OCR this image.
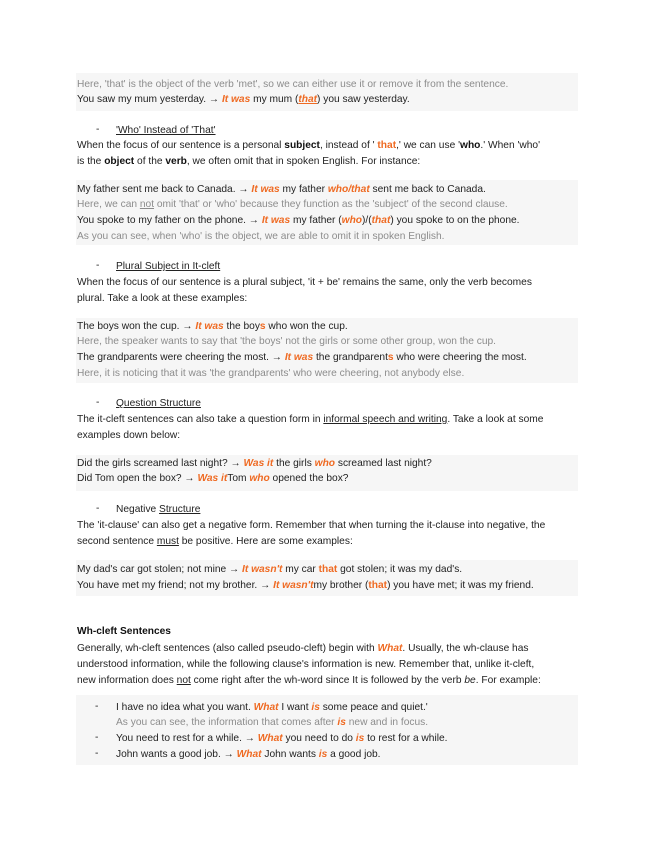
Here, 'that' is the object of the verb 'met', so we can either use it or remove it from the sentence.
You saw my mum yesterday. → It was my mum (that) you saw yesterday.
- 'Who' Instead of 'That'
When the focus of our sentence is a personal subject, instead of ' that,' we can use 'who.' When 'who'
is the object of the verb, we often omit that in spoken English. For instance:
My father sent me back to Canada. → It was my father who/that sent me back to Canada.
Here, we can not omit 'that' or 'who' because they function as the 'subject' of the second clause.
You spoke to my father on the phone. → It was my father (who)/(that) you spoke to on the phone.
As you can see, when 'who' is the object, we are able to omit it in spoken English.
- Plural Subject in It-cleft
When the focus of our sentence is a plural subject, 'it + be' remains the same, only the verb becomes
plural. Take a look at these examples:
The boys won the cup. → It was the boys who won the cup.
Here, the speaker wants to say that 'the boys' not the girls or some other group, won the cup.
The grandparents were cheering the most. → It was the grandparents who were cheering the most.
Here, it is noticing that it was 'the grandparents' who were cheering, not anybody else.
- Question Structure
The it-cleft sentences can also take a question form in informal speech and writing. Take a look at some
examples down below:
Did the girls screamed last night? → Was it the girls who screamed last night?
Did Tom open the box? → Was itTom who opened the box?
- Negative Structure
The 'it-clause' can also get a negative form. Remember that when turning the it-clause into negative, the
second sentence must be positive. Here are some examples:
My dad's car got stolen; not mine → It wasn't my car that got stolen; it was my dad's.
You have met my friend; not my brother. → It wasn'tmy brother (that) you have met; it was my friend.
Wh-cleft Sentences
Generally, wh-cleft sentences (also called pseudo-cleft) begin with What. Usually, the wh-clause has
understood information, while the following clause's information is new. Remember that, unlike it-cleft,
new information does not come right after the wh-word since It is followed by the verb be. For example:
- I have no idea what you want. What I want is some peace and quiet.'
As you can see, the information that comes after is new and in focus.
- You need to rest for a while. → What you need to do is to rest for a while.
- John wants a good job. → What John wants is a good job.
